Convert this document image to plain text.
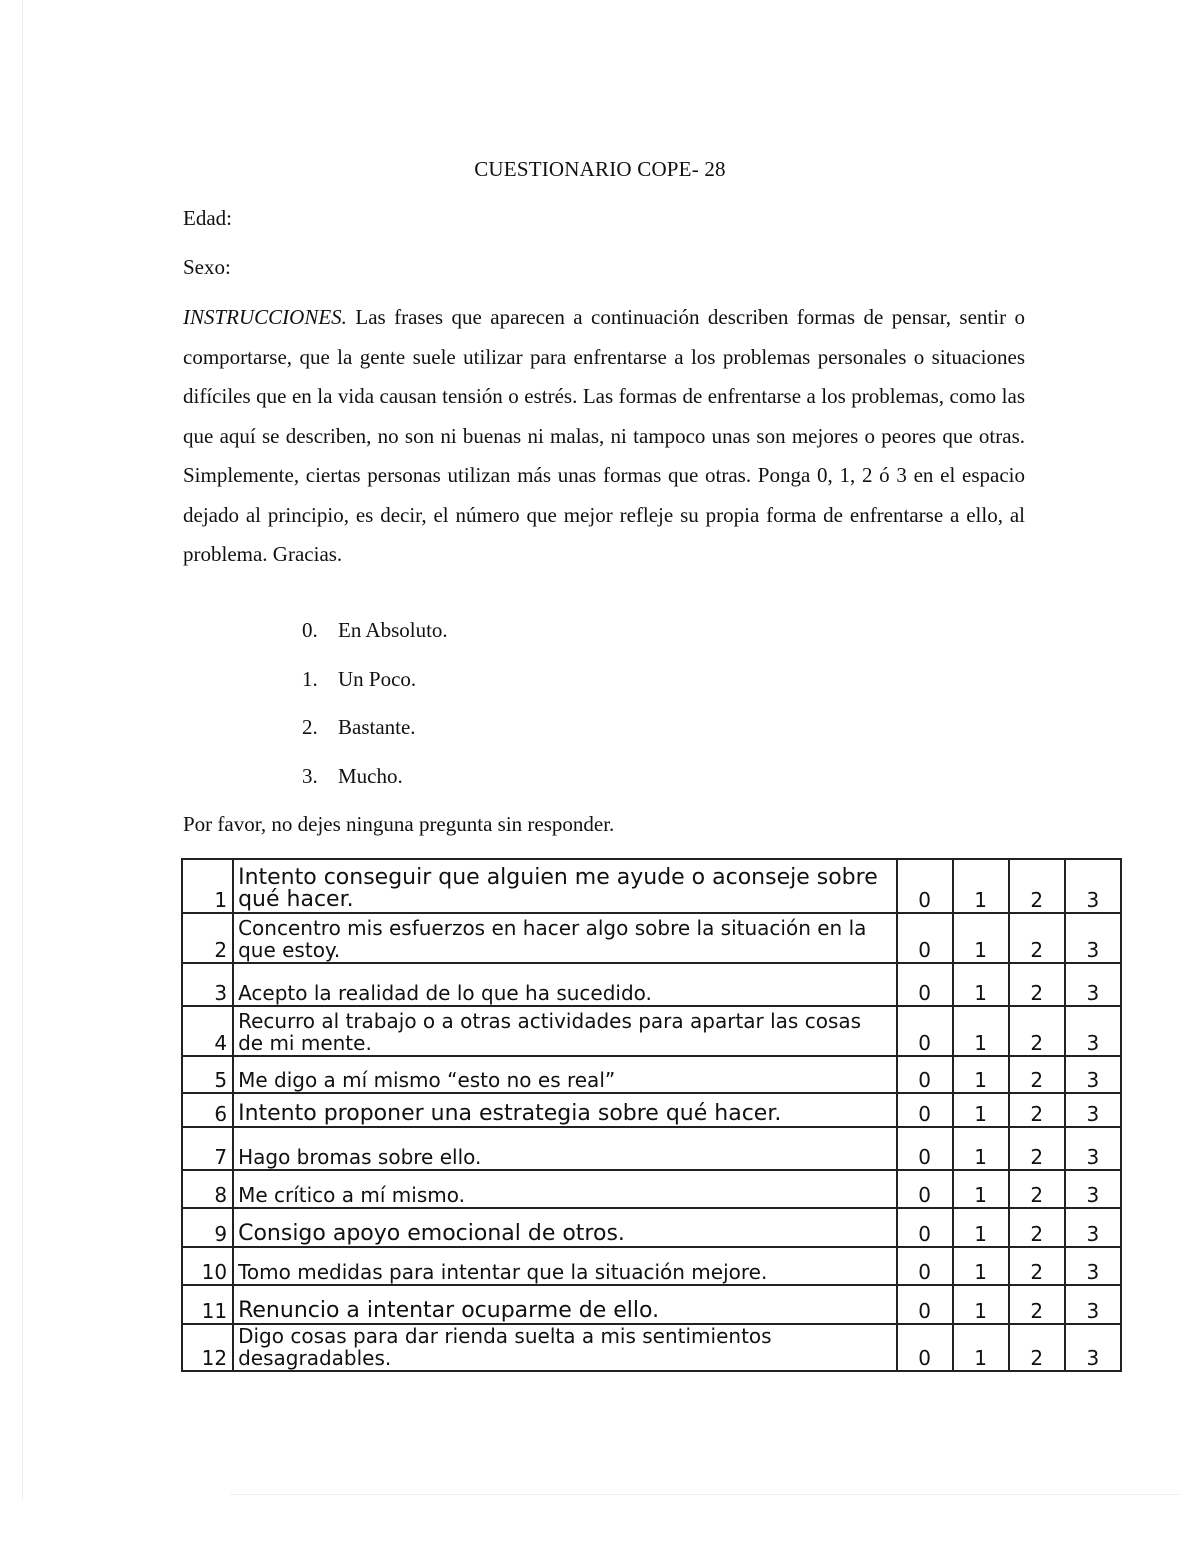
CUESTIONARIO COPE- 28
Edad:
Sexo:

INSTRUCCIONES. Las frases que aparecen a continuación describen formas de pensar, sentir o comportarse, que la gente suele utilizar para enfrentarse a los problemas personales o situaciones difíciles que en la vida causan tensión o estrés. Las formas de enfrentarse a los problemas, como las que aquí se describen, no son ni buenas ni malas, ni tampoco unas son mejores o peores que otras. Simplemente, ciertas personas utilizan más unas formas que otras. Ponga 0, 1, 2 ó 3 en el espacio dejado al principio, es decir, el número que mejor refleje su propia forma de enfrentarse a ello, al problema. Gracias.

0. En Absoluto.
1. Un Poco.
2. Bastante.
3. Mucho.
Por favor, no dejes ninguna pregunta sin responder.
1	Intento conseguir que alguien me ayude o aconseje sobre qué hacer.	0	1	2	3
2	Concentro mis esfuerzos en hacer algo sobre la situación en la que estoy.	0	1	2	3
3	Acepto la realidad de lo que ha sucedido.	0	1	2	3
4	Recurro al trabajo o a otras actividades para apartar las cosas de mi mente.	0	1	2	3
5	Me digo a mí mismo “esto no es real”	0	1	2	3
6	Intento proponer una estrategia sobre qué hacer.	0	1	2	3
7	Hago bromas sobre ello.	0	1	2	3
8	Me crítico a mí mismo.	0	1	2	3
9	Consigo apoyo emocional de otros.	0	1	2	3
10	Tomo medidas para intentar que la situación mejore.	0	1	2	3
11	Renuncio a intentar ocuparme de ello.	0	1	2	3
12	Digo cosas para dar rienda suelta a mis sentimientos desagradables.	0	1	2	3
